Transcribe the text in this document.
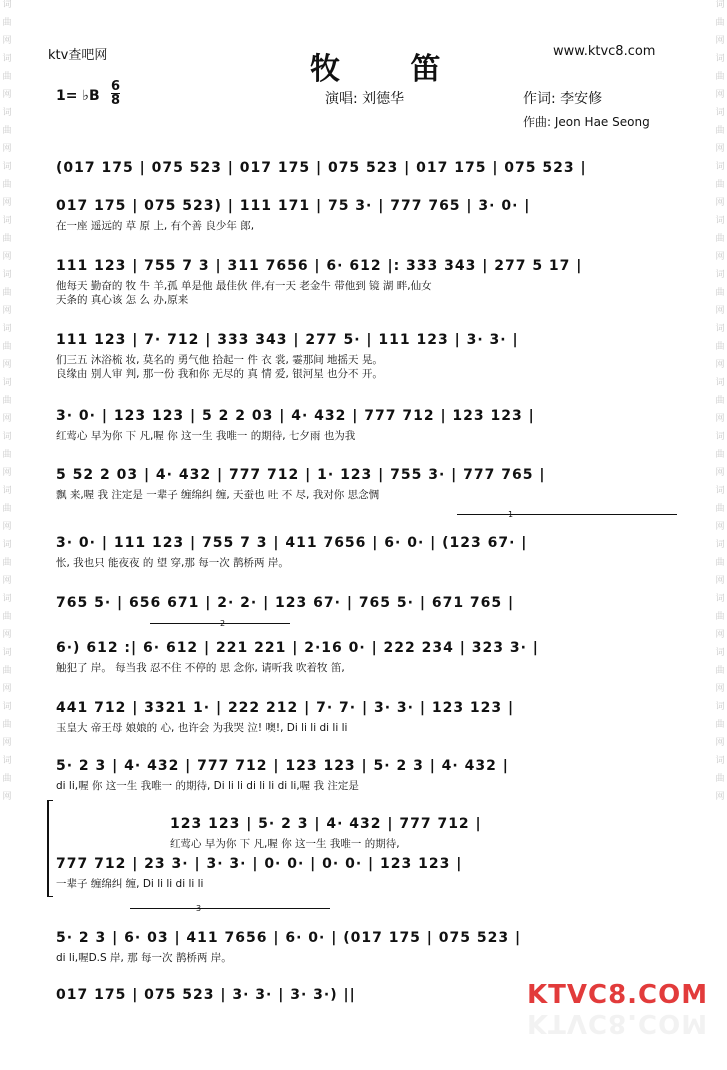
词
曲
网
词
曲
网
词
曲
网
词
曲
网
词
曲
网
词
曲
网
词
曲
网
词
曲
网
词
曲
网
词
曲
网
词
曲
网
词
曲
网
词
曲
网
词
曲
网
词
曲
网
词
曲
网
词
曲
网
词
曲
网
词
曲
网
词
曲
网
词
曲
网
词
曲
网
词
曲
网
词
曲
网
词
曲
网
词
曲
网
词
曲
网
词
曲
网
词
曲
网
词
曲
网
ktv查吧网	www.ktvc8.com
牧 笛
1= ♭B
6
8	演唱: 刘德华	作词: 李安修
作曲: Jeon Hae Seong
(017 175 | 075 523 | 017 175 | 075 523 | 017 175 | 075 523 |
017 175 | 075 523) | 111 171 | 75 3· | 777 765 | 3· 0· |
在一座 遥远的 草 原 上, 有个善 良少年 郎,
111 123 | 755 7 3 | 311 7656 | 6· 612 |: 333 343 | 277 5 17 |
他每天 勤奋的 牧 牛 羊,孤 单是他 最佳伙 伴,有一天 老金牛 带他到 镜 湖 畔,仙女
天条的 真心该 怎 么 办,原来
111 123 | 7· 712 | 333 343 | 277 5· | 111 123 | 3· 3· |
们三五 沐浴梳 妆, 莫名的 勇气他 拾起一 件 衣 裳, 霎那间 地摇天 晃。
良缘由 别人审 判, 那一份 我和你 无尽的 真 情 爱, 银河星 也分不 开。
3· 0· | 123 123 | 5 2 2 03 | 4· 432 | 777 712 | 123 123 |
红莺心 早为你 下 凡,喔 你 这一生 我唯一 的期待, 七夕雨 也为我
5 52 2 03 | 4· 432 | 777 712 | 1· 123 | 755 3· | 777 765 |
飘 来,喔 我 注定是 一辈子 缠绵纠 缠, 天蚕也 吐 不 尽, 我对你 思念惆
3· 0· | 111 123 | 755 7 3 | 411 7656 | 6· 0· | (123 67· |
怅, 我也只 能夜夜 的 望 穿,那 每一次 鹊桥两 岸。
765 5· | 656 671 | 2· 2· | 123 67· | 765 5· | 671 765 |
6·) 612 :| 6· 612 | 221 221 | 2·16 0· | 222 234 | 323 3· |
触犯了 岸。 每当我 忍不住 不停的 思 念你, 请听我 吹着牧 笛,
441 712 | 3321 1· | 222 212 | 7· 7· | 3· 3· | 123 123 |
玉皇大 帝王母 娘娘的 心, 也许会 为我哭 泣! 噢!, Di li li di li li
5· 2 3 | 4· 432 | 777 712 | 123 123 | 5· 2 3 | 4· 432 |
di li,喔 你 这一生 我唯一 的期待, Di li li di li li di li,喔 我 注定是
123 123 | 5· 2 3 | 4· 432 | 777 712 |
红莺心 早为你 下 凡,喔 你 这一生 我唯一 的期待,
777 712 | 23 3· | 3· 3· | 0· 0· | 0· 0· | 123 123 |
一辈子 缠绵纠 缠, Di li li di li li
5· 2 3 | 6· 03 | 411 7656 | 6· 0· | (017 175 | 075 523 |
di li,喔D.S 岸, 那 每一次 鹊桥两 岸。
017 175 | 075 523 | 3· 3· | 3· 3·) ||
1
2
3
KTVC8.COM
KTVC8.COM
